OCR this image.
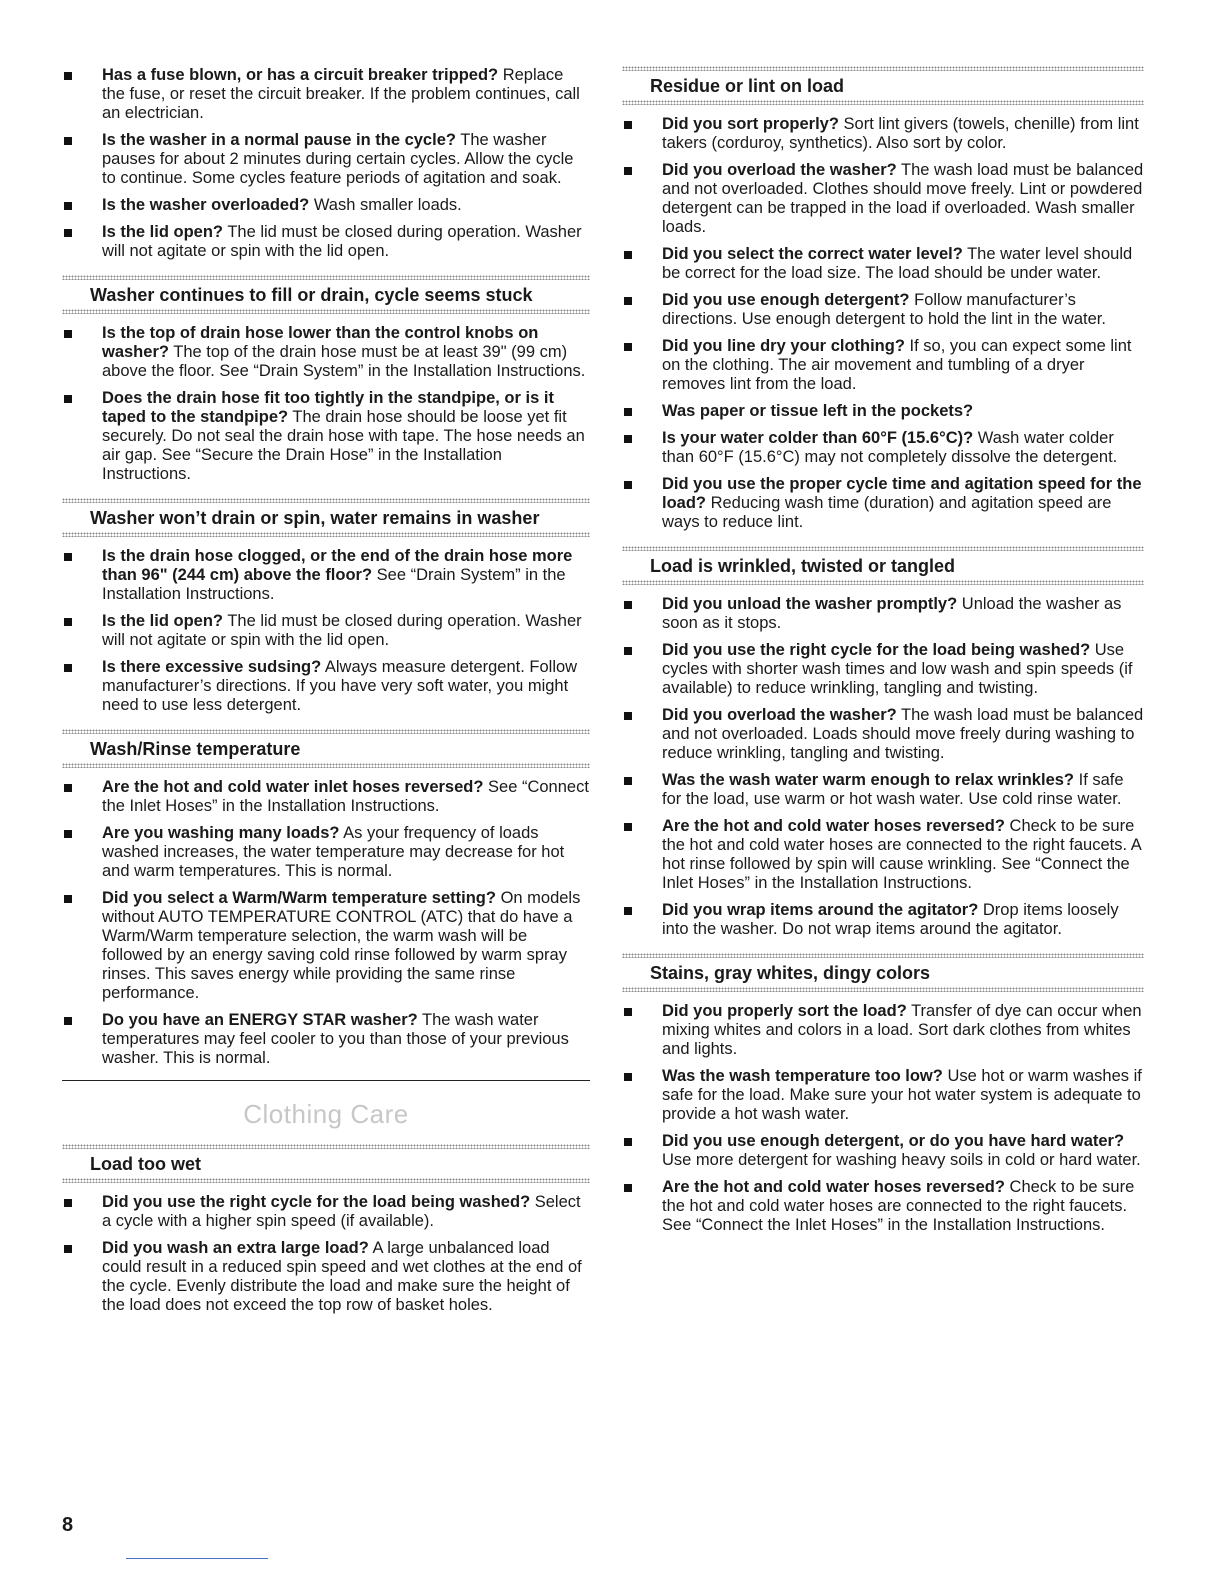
Has a fuse blown, or has a circuit breaker tripped? Replace the fuse, or reset the circuit breaker. If the problem continues, call an electrician.
Is the washer in a normal pause in the cycle? The washer pauses for about 2 minutes during certain cycles. Allow the cycle to continue. Some cycles feature periods of agitation and soak.
Is the washer overloaded? Wash smaller loads.
Is the lid open? The lid must be closed during operation. Washer will not agitate or spin with the lid open.
Washer continues to fill or drain, cycle seems stuck
Is the top of drain hose lower than the control knobs on washer? The top of the drain hose must be at least 39" (99 cm) above the floor. See “Drain System” in the Installation Instructions.
Does the drain hose fit too tightly in the standpipe, or is it taped to the standpipe? The drain hose should be loose yet fit securely. Do not seal the drain hose with tape. The hose needs an air gap. See “Secure the Drain Hose” in the Installation Instructions.
Washer won’t drain or spin, water remains in washer
Is the drain hose clogged, or the end of the drain hose more than 96" (244 cm) above the floor? See “Drain System” in the Installation Instructions.
Is the lid open? The lid must be closed during operation. Washer will not agitate or spin with the lid open.
Is there excessive sudsing? Always measure detergent. Follow manufacturer’s directions. If you have very soft water, you might need to use less detergent.
Wash/Rinse temperature
Are the hot and cold water inlet hoses reversed? See “Connect the Inlet Hoses” in the Installation Instructions.
Are you washing many loads? As your frequency of loads washed increases, the water temperature may decrease for hot and warm temperatures. This is normal.
Did you select a Warm/Warm temperature setting? On models without AUTO TEMPERATURE CONTROL (ATC) that do have a Warm/Warm temperature selection, the warm wash will be followed by an energy saving cold rinse followed by warm spray rinses. This saves energy while providing the same rinse performance.
Do you have an ENERGY STAR washer? The wash water temperatures may feel cooler to you than those of your previous washer. This is normal.
Clothing Care
Load too wet
Did you use the right cycle for the load being washed? Select a cycle with a higher spin speed (if available).
Did you wash an extra large load? A large unbalanced load could result in a reduced spin speed and wet clothes at the end of the cycle. Evenly distribute the load and make sure the height of the load does not exceed the top row of basket holes.
Residue or lint on load
Did you sort properly? Sort lint givers (towels, chenille) from lint takers (corduroy, synthetics). Also sort by color.
Did you overload the washer? The wash load must be balanced and not overloaded. Clothes should move freely. Lint or powdered detergent can be trapped in the load if overloaded. Wash smaller loads.
Did you select the correct water level? The water level should be correct for the load size. The load should be under water.
Did you use enough detergent? Follow manufacturer’s directions. Use enough detergent to hold the lint in the water.
Did you line dry your clothing? If so, you can expect some lint on the clothing. The air movement and tumbling of a dryer removes lint from the load.
Was paper or tissue left in the pockets?
Is your water colder than 60°F (15.6°C)? Wash water colder than 60°F (15.6°C) may not completely dissolve the detergent.
Did you use the proper cycle time and agitation speed for the load? Reducing wash time (duration) and agitation speed are ways to reduce lint.
Load is wrinkled, twisted or tangled
Did you unload the washer promptly? Unload the washer as soon as it stops.
Did you use the right cycle for the load being washed? Use cycles with shorter wash times and low wash and spin speeds (if available) to reduce wrinkling, tangling and twisting.
Did you overload the washer? The wash load must be balanced and not overloaded. Loads should move freely during washing to reduce wrinkling, tangling and twisting.
Was the wash water warm enough to relax wrinkles? If safe for the load, use warm or hot wash water. Use cold rinse water.
Are the hot and cold water hoses reversed? Check to be sure the hot and cold water hoses are connected to the right faucets. A hot rinse followed by spin will cause wrinkling. See “Connect the Inlet Hoses” in the Installation Instructions.
Did you wrap items around the agitator? Drop items loosely into the washer. Do not wrap items around the agitator.
Stains, gray whites, dingy colors
Did you properly sort the load? Transfer of dye can occur when mixing whites and colors in a load. Sort dark clothes from whites and lights.
Was the wash temperature too low? Use hot or warm washes if safe for the load. Make sure your hot water system is adequate to provide a hot wash water.
Did you use enough detergent, or do you have hard water? Use more detergent for washing heavy soils in cold or hard water.
Are the hot and cold water hoses reversed? Check to be sure the hot and cold water hoses are connected to the right faucets. See “Connect the Inlet Hoses” in the Installation Instructions.
8
